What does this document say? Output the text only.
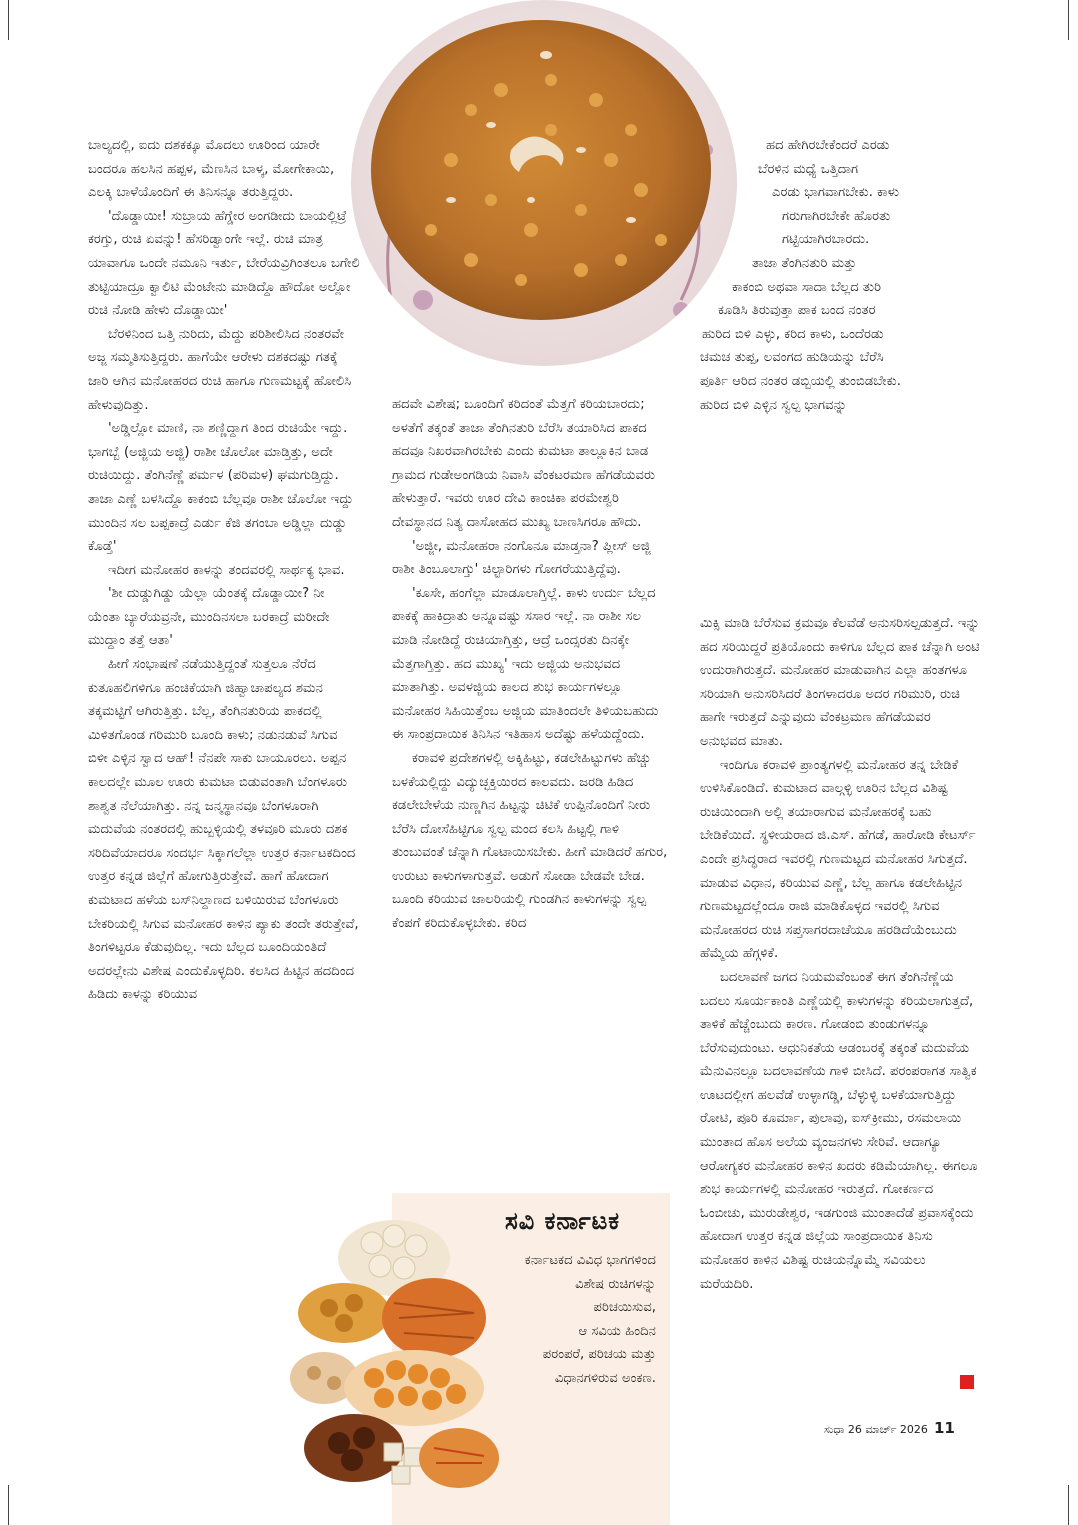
ಬಾಲ್ಯದಲ್ಲಿ, ಐದು ದಶಕಕ್ಕೂ ಮೊದಲು ಊರಿಂದ ಯಾರೇ ಬಂದರೂ ಹಲಸಿನ ಹಪ್ಪಳ, ಮೆಣಸಿನ ಬಾಳ್ಕ, ಮೋಗೇಕಾಯಿ, ಎಲಕ್ಕಿ ಬಾಳೆಯೊಂದಿಗೆ ಈ ತಿನಿಸನ್ನೂ ತರುತ್ತಿದ್ದರು.

'ದೊಡ್ಡಾಯೀ! ಸುಬ್ರಾಯ ಹೆಗ್ಡೇರ ಅಂಗಡೀದು ಬಾಯಲ್ಲಿಟ್ರೆ ಕರಗ್ತು, ರುಚಿ ಏವನ್ನು! ಹೆಸರಿಡ್ವಾಂಗೇ ಇಲ್ಲೆ. ರುಚಿ ಮಾತ್ರ ಯಾವಾಗೂ ಒಂದೇ ನಮೂನಿ ಇರ್ತು, ಬೇರೆಯವ್ರಿಗಿಂತಲೂ ಬಗೇಲಿ ತುಟ್ಟಿಯಾದ್ರೂ ಕ್ವಾಲಿಟಿ ಮೆಂಟೇನು ಮಾಡಿದ್ದೊ ಹೌದೋ ಅಲ್ಲೋ ರುಚಿ ನೋಡಿ ಹೇಳು ದೊಡ್ಡಾಯೀ'

ಬೆರಳಿನಿಂದ ಒತ್ತಿ ನುರಿದು, ಮೆದ್ದು ಪರಿಶೀಲಿಸಿದ ನಂತರವೇ ಅಜ್ಜ ಸಮ್ಮತಿಸುತ್ತಿದ್ದರು. ಹಾಗೆಯೇ ಆರೇಳು ದಶಕದಷ್ಟು ಗತಕ್ಕೆ ಜಾರಿ ಆಗಿನ ಮನೋಹರದ ರುಚಿ ಹಾಗೂ ಗುಣಮಟ್ಟಕ್ಕೆ ಹೋಲಿಸಿ ಹೇಳುವುದಿತ್ತು.

'ಅಡ್ಡಿಲ್ಲೋ ಮಾಣಿ, ನಾ ಶಣ್ಣಿದ್ದಾಗ ತಿಂದ ರುಚಿಯೇ ಇದ್ದು. ಭಾಗಬ್ಬೆ (ಅಜ್ಜಿಯ ಅಜ್ಜಿ) ರಾಶೀ ಚೊಲೋ ಮಾಡ್ತಿತ್ತು, ಅದೇ ರುಚಿಯಿದ್ದು. ತೆಂಗಿನೆಣ್ಣೆ ಪರ್ಮಳ (ಪರಿಮಳ) ಘಮಗುಡ್ತಿದ್ದು. ತಾಜಾ ಎಣ್ಣೆ ಬಳಸಿದ್ದೊ ಕಾಕಂಬಿ ಬೆಲ್ಲವೂ ರಾಶೀ ಚೊಲೋ ಇದ್ದು ಮುಂದಿನ ಸಲ ಬಪ್ಪಕಾದ್ರೆ ಎರ್ಡು ಕೆಜಿ ತಗಂಬಾ ಅಡ್ಡಿಲ್ಲಾ ದುಡ್ಡು ಕೊಡ್ತೆ'

ಇದೀಗ ಮನೋಹರ ಕಾಳನ್ನು ತಂದವರಲ್ಲಿ ಸಾರ್ಥಕ್ಯ ಭಾವ.

'ಶೀ ದುಡ್ಡುಗಿಡ್ಡು ಯೆಲ್ಲಾ ಯೆಂತಕ್ಕೆ ದೊಡ್ಡಾಯೀ? ನೀ ಯೆಂತಾ ಬ್ಯಾರೆಯವ್ರನೇ, ಮುಂದಿನಸಲಾ ಬರಕಾದ್ರೆ ಮರೀದೇ ಮುದ್ದಾಂ ತತ್ತೆ ಆತಾ'

ಹೀಗೆ ಸಂಭಾಷಣೆ ನಡೆಯುತ್ತಿದ್ದಂತೆ ಸುತ್ತಲೂ ನೆರೆದ ಕುತೂಹಲಿಗಳಿಗೂ ಹಂಚಿಕೆಯಾಗಿ ಜಿಹ್ವಾಚಾಪಲ್ಯದ ಶಮನ ತಕ್ಕಮಟ್ಟಿಗೆ ಆಗಿರುತ್ತಿತ್ತು. ಬೆಲ್ಲ, ತೆಂಗಿನತುರಿಯ ಪಾಕದಲ್ಲಿ ಮಿಳಿತಗೊಂಡ ಗರಿಮುರಿ ಬೂಂದಿ ಕಾಳು; ನಡುನಡುವೆ ಸಿಗುವ ಬಿಳೀ ಎಳ್ಳಿನ ಸ್ವಾದ ಆಹ್! ನೆನಪೇ ಸಾಕು ಬಾಯೂರಲು. ಅಪ್ಪನ ಕಾಲದಲ್ಲೇ ಮೂಲ ಊರು ಕುಮಟಾ ಬಿಡುವಂತಾಗಿ ಬೆಂಗಳೂರು ಶಾಶ್ವತ ನೆಲೆಯಾಗಿತ್ತು. ನನ್ನ ಜನ್ಮಸ್ಥಾನವೂ ಬೆಂಗಳೂರಾಗಿ ಮದುವೆಯ ನಂತರದಲ್ಲಿ ಹುಬ್ಬಳ್ಳಿಯಲ್ಲಿ ತಳವೂರಿ ಮೂರು ದಶಕ ಸರಿದಿವೆಯಾದರೂ ಸಂದರ್ಭ ಸಿಕ್ಕಾಗಲೆಲ್ಲಾ ಉತ್ತರ ಕರ್ನಾಟಕದಿಂದ ಉತ್ತರ ಕನ್ನಡ ಜಿಲ್ಲೆಗೆ ಹೋಗುತ್ತಿರುತ್ತೇವೆ. ಹಾಗೆ ಹೋದಾಗ ಕುಮಟಾದ ಹಳೆಯ ಬಸ್‌ನಿಲ್ದಾಣದ ಬಳಿಯಿರುವ ಬೆಂಗಳೂರು ಬೇಕರಿಯಲ್ಲಿ ಸಿಗುವ ಮನೋಹರ ಕಾಳಿನ ಪ್ಯಾಕು ತಂದೇ ತರುತ್ತೇವೆ, ತಿಂಗಳಿಟ್ಟರೂ ಕೆಡುವುದಿಲ್ಲ. ಇದು ಬೆಲ್ಲದ ಬೂಂದಿಯಂತಿದೆ ಅದರಲ್ಲೇನು ವಿಶೇಷ ಎಂದುಕೊಳ್ಳದಿರಿ. ಕಲಸಿದ ಹಿಟ್ಟಿನ ಹದದಿಂದ ಹಿಡಿದು ಕಾಳನ್ನು ಕರಿಯುವ

ಹದವೇ ವಿಶೇಷ; ಬೂಂದಿಗೆ ಕರಿದಂತೆ ಮೆತ್ತಗೆ ಕರಿಯಬಾರದು; ಅಳತೆಗೆ ತಕ್ಕಂತೆ ತಾಜಾ ತೆಂಗಿನತುರಿ ಬೆರೆಸಿ ತಯಾರಿಸಿದ ಪಾಕದ ಹದವೂ ನಿಖರವಾಗಿರಬೇಕು ಎಂದು ಕುಮಟಾ ತಾಲ್ಲೂಕಿನ ಬಾಡ ಗ್ರಾಮದ ಗುಡೇಅಂಗಡಿಯ ನಿವಾಸಿ ವೆಂಕಟರಮಣ ಹೆಗಡೆಯವರು ಹೇಳುತ್ತಾರೆ. ಇವರು ಊರ ದೇವಿ ಕಾಂಚಿಕಾ ಪರಮೇಶ್ವರಿ ದೇವಸ್ಥಾನದ ನಿತ್ಯ ದಾಸೋಹದ ಮುಖ್ಯ ಬಾಣಸಿಗರೂ ಹೌದು.

'ಅಜ್ಜೀ, ಮನೋಹರಾ ನಂಗೊನೂ ಮಾಡ್ತನಾ? ಪ್ಲೀಸ್ ಅಜ್ಜಿ ರಾಶೀ ತಿಂಬೂಲಾಗ್ತು' ಚಿಲ್ಟಾರಿಗಳು ಗೋಗರೆಯುತ್ತಿದ್ದೆವು.

'ಕೂಸೇ, ಹಂಗೆಲ್ಲಾ ಮಾಡೂಲಾಗ್ತಿಲ್ಲೆ. ಕಾಳು ಉರ್ದು ಬೆಲ್ಲದ ಪಾಕಕ್ಕೆ ಹಾಕಿದ್ರಾತು ಅನ್ನೂವಷ್ಟು ಸಸಾರ ಇಲ್ಲೆ. ನಾ ರಾಶೀ ಸಲ ಮಾಡಿ ನೋಡಿದ್ದೆ ರುಚಿಯಾಗ್ತಿತ್ತು, ಆದ್ರೆ ಒಂದ್ಸರತು ದಿನಕ್ಕೇ ಮೆತ್ತಗಾಗ್ತಿತ್ತು. ಹದ ಮುಖ್ಯ' ಇದು ಅಜ್ಜಿಯ ಅನುಭವದ ಮಾತಾಗಿತ್ತು. ಅವಳಜ್ಜಿಯ ಕಾಲದ ಶುಭ ಕಾರ್ಯಗಳಲ್ಲೂ ಮನೋಹರ ಸಿಹಿಯಿತ್ತೆಂಬ ಅಜ್ಜಿಯ ಮಾತಿಂದಲೇ ತಿಳಿಯಬಹುದು ಈ ಸಾಂಪ್ರದಾಯಿಕ ತಿನಿಸಿನ ಇತಿಹಾಸ ಅದೆಷ್ಟು ಹಳೆಯದ್ದೆಂದು.

ಕರಾವಳಿ ಪ್ರದೇಶಗಳಲ್ಲಿ ಅಕ್ಕಿಹಿಟ್ಟು, ಕಡಲೇಹಿಟ್ಟುಗಳು ಹೆಚ್ಚು ಬಳಕೆಯಲ್ಲಿದ್ದು ವಿದ್ಯುಚ್ಛಕ್ತಿಯಿರದ ಕಾಲವದು. ಜರಡಿ ಹಿಡಿದ ಕಡಲೇಬೇಳೆಯ ನುಣ್ಣಗಿನ ಹಿಟ್ಟನ್ನು ಚಿಟಿಕೆ ಉಪ್ಪಿನೊಂದಿಗೆ ನೀರು ಬೆರೆಸಿ ದೋಸೆಹಿಟ್ಟಿಗೂ ಸ್ವಲ್ಪ ಮಂದ ಕಲಸಿ ಹಿಟ್ಟಲ್ಲಿ ಗಾಳಿ ತುಂಬುವಂತೆ ಚೆನ್ನಾಗಿ ಗೊಟಾಯಿಸಬೇಕು. ಹೀಗೆ ಮಾಡಿದರೆ ಹಗುರ, ಉರುಟು ಕಾಳುಗಳಾಗುತ್ತವೆ. ಅಡುಗೆ ಸೋಡಾ ಬೇಡವೇ ಬೇಡ. ಬೂಂದಿ ಕರಿಯುವ ಜಾಲರಿಯಲ್ಲಿ ಗುಂಡಗಿನ ಕಾಳುಗಳನ್ನು ಸ್ವಲ್ಪ ಕೆಂಪಗೆ ಕರಿದುಕೊಳ್ಳಬೇಕು. ಕರಿದ

ಹದ ಹೇಗಿರಬೇಕೆಂದರೆ ಎರಡು

ಬೆರಳಿನ ಮಧ್ಯೆ ಒತ್ತಿದಾಗ

ಎರಡು ಭಾಗವಾಗಬೇಕು. ಕಾಳು

ಗರುಗಾಗಿರಬೇಕೇ ಹೊರತು

ಗಟ್ಟಿಯಾಗಿರಬಾರದು.

ತಾಜಾ ತೆಂಗಿನತುರಿ ಮತ್ತು

ಕಾಕಂಬಿ ಅಥವಾ ಸಾದಾ ಬೆಲ್ಲದ ತುರಿ

ಕೂಡಿಸಿ ತಿರುವುತ್ತಾ ಪಾಕ ಬಂದ ನಂತರ

ಹುರಿದ ಬಿಳಿ ಎಳ್ಳು, ಕರಿದ ಕಾಳು, ಒಂದೆರಡು

ಚಮಚ ತುಪ್ಪ, ಲವಂಗದ ಹುಡಿಯನ್ನು ಬೆರೆಸಿ

ಪೂರ್ತಿ ಆರಿದ ನಂತರ ಡಬ್ಬಿಯಲ್ಲಿ ತುಂಬಿಡಬೇಕು.

ಹುರಿದ ಬಿಳಿ ಎಳ್ಳಿನ ಸ್ವಲ್ಪ ಭಾಗವನ್ನು

ಮಿಕ್ಸಿ ಮಾಡಿ ಬೆರೆಸುವ ಕ್ರಮವೂ ಕೆಲವೆಡೆ ಅನುಸರಿಸಲ್ಪಡುತ್ತದೆ. ಇನ್ನು ಹದ ಸರಿಯಿದ್ದರೆ ಪ್ರತಿಯೊಂದು ಕಾಳಿಗೂ ಬೆಲ್ಲದ ಪಾಕ ಚೆನ್ನಾಗಿ ಅಂಟಿ ಉದುರಾಗಿರುತ್ತದೆ. ಮನೋಹರ ಮಾಡುವಾಗಿನ ಎಲ್ಲಾ ಹಂತಗಳೂ ಸರಿಯಾಗಿ ಅನುಸರಿಸಿದರೆ ತಿಂಗಳಾದರೂ ಅದರ ಗರಿಮುರಿ, ರುಚಿ ಹಾಗೇ ಇರುತ್ತದೆ ಎನ್ನುವುದು ವೆಂಕಟ್ರಮಣ ಹೆಗಡೆಯವರ ಅನುಭವದ ಮಾತು.

ಇಂದಿಗೂ ಕರಾವಳಿ ಪ್ರಾಂತ್ಯಗಳಲ್ಲಿ ಮನೋಹರ ತನ್ನ ಬೇಡಿಕೆ ಉಳಿಸಿಕೊಂಡಿದೆ. ಕುಮಟಾದ ವಾಲ್ಗಳ್ಳಿ ಊರಿನ ಬೆಲ್ಲದ ವಿಶಿಷ್ಟ ರುಚಿಯಿಂದಾಗಿ ಅಲ್ಲಿ ತಯಾರಾಗುವ ಮನೋಹರಕ್ಕೆ ಬಹು ಬೇಡಿಕೆಯಿದೆ. ಸ್ಥಳೀಯರಾದ ಜಿ.ಎಸ್. ಹೆಗಡೆ, ಹಾರೋಡಿ ಕೇಟರ್ಸ್ ಎಂದೇ ಪ್ರಸಿದ್ಧರಾದ ಇವರಲ್ಲಿ ಗುಣಮಟ್ಟದ ಮನೋಹರ ಸಿಗುತ್ತದೆ. ಮಾಡುವ ವಿಧಾನ, ಕರಿಯುವ ಎಣ್ಣೆ, ಬೆಲ್ಲ ಹಾಗೂ ಕಡಲೇಹಿಟ್ಟಿನ ಗುಣಮಟ್ಟದಲ್ಲೆಂದೂ ರಾಜಿ ಮಾಡಿಕೊಳ್ಳದ ಇವರಲ್ಲಿ ಸಿಗುವ ಮನೋಹರದ ರುಚಿ ಸಪ್ತಸಾಗರದಾಚೆಯೂ ಹರಡಿದೆಯೆಂಬುದು ಹೆಮ್ಮೆಯ ಹೆಗ್ಗಳಿಕೆ.

ಬದಲಾವಣೆ ಜಗದ ನಿಯಮವೆಂಬಂತೆ ಈಗ ತೆಂಗಿನೆಣ್ಣೆಯ ಬದಲು ಸೂರ್ಯಕಾಂತಿ ಎಣ್ಣೆಯಲ್ಲಿ ಕಾಳುಗಳನ್ನು ಕರಿಯಲಾಗುತ್ತದೆ, ತಾಳಿಕೆ ಹೆಚ್ಚೆಂಬುದು ಕಾರಣ. ಗೋಡಂಬಿ ತುಂಡುಗಳನ್ನೂ ಬೆರೆಸುವುದುಂಟು. ಆಧುನಿಕತೆಯ ಆಡಂಬರಕ್ಕೆ ತಕ್ಕಂತೆ ಮದುವೆಯ ಮೆನುವಿನಲ್ಲೂ ಬದಲಾವಣೆಯ ಗಾಳಿ ಬೀಸಿದೆ. ಪರಂಪರಾಗತ ಸಾತ್ವಿಕ ಊಟದಲ್ಲೀಗ ಹಲವೆಡೆ ಉಳ್ಳಾಗಡ್ಡಿ, ಬೆಳ್ಳುಳ್ಳಿ ಬಳಕೆಯಾಗುತ್ತಿದ್ದು ರೋಟಿ, ಪೂರಿ ಕೂರ್ಮಾ, ಪುಲಾವು, ಐಸ್‌ಕ್ರೀಮು, ರಸಮಲಾಯಿ ಮುಂತಾದ ಹೊಸ ಅಲೆಯ ವ್ಯಂಜನಗಳು ಸೇರಿವೆ. ಆದಾಗ್ಯೂ ಆರೋಗ್ಯಕರ ಮನೋಹರ ಕಾಳಿನ ಖದರು ಕಡಿಮೆಯಾಗಿಲ್ಲ. ಈಗಲೂ ಶುಭ ಕಾರ್ಯಗಳಲ್ಲಿ ಮನೋಹರ ಇರುತ್ತದೆ. ಗೋಕರ್ಣದ ಓಂಬೀಚು, ಮುರುಡೇಶ್ವರ, ಇಡಗುಂಜಿ ಮುಂತಾದೆಡೆ ಪ್ರವಾಸಕ್ಕೆಂದು ಹೋದಾಗ ಉತ್ತರ ಕನ್ನಡ ಜಿಲ್ಲೆಯ ಸಾಂಪ್ರದಾಯಿಕ ತಿನಿಸು ಮನೋಹರ ಕಾಳಿನ ವಿಶಿಷ್ಟ ರುಚಿಯನ್ನೊಮ್ಮೆ ಸವಿಯಲು ಮರೆಯದಿರಿ.

ಸವಿ ಕರ್ನಾಟಕ

ಕರ್ನಾಟಕದ ವಿವಿಧ ಭಾಗಗಳಿಂದ

ವಿಶೇಷ ರುಚಿಗಳನ್ನು

ಪರಿಚಯಿಸುವ,

ಆ ಸವಿಯ ಹಿಂದಿನ

ಪರಂಪರೆ, ಪರಿಚಯ ಮತ್ತು

ವಿಧಾನಗಳಿರುವ ಅಂಕಣ.

ಸುಧಾ 26 ಮಾರ್ಚ್ 2026 11
